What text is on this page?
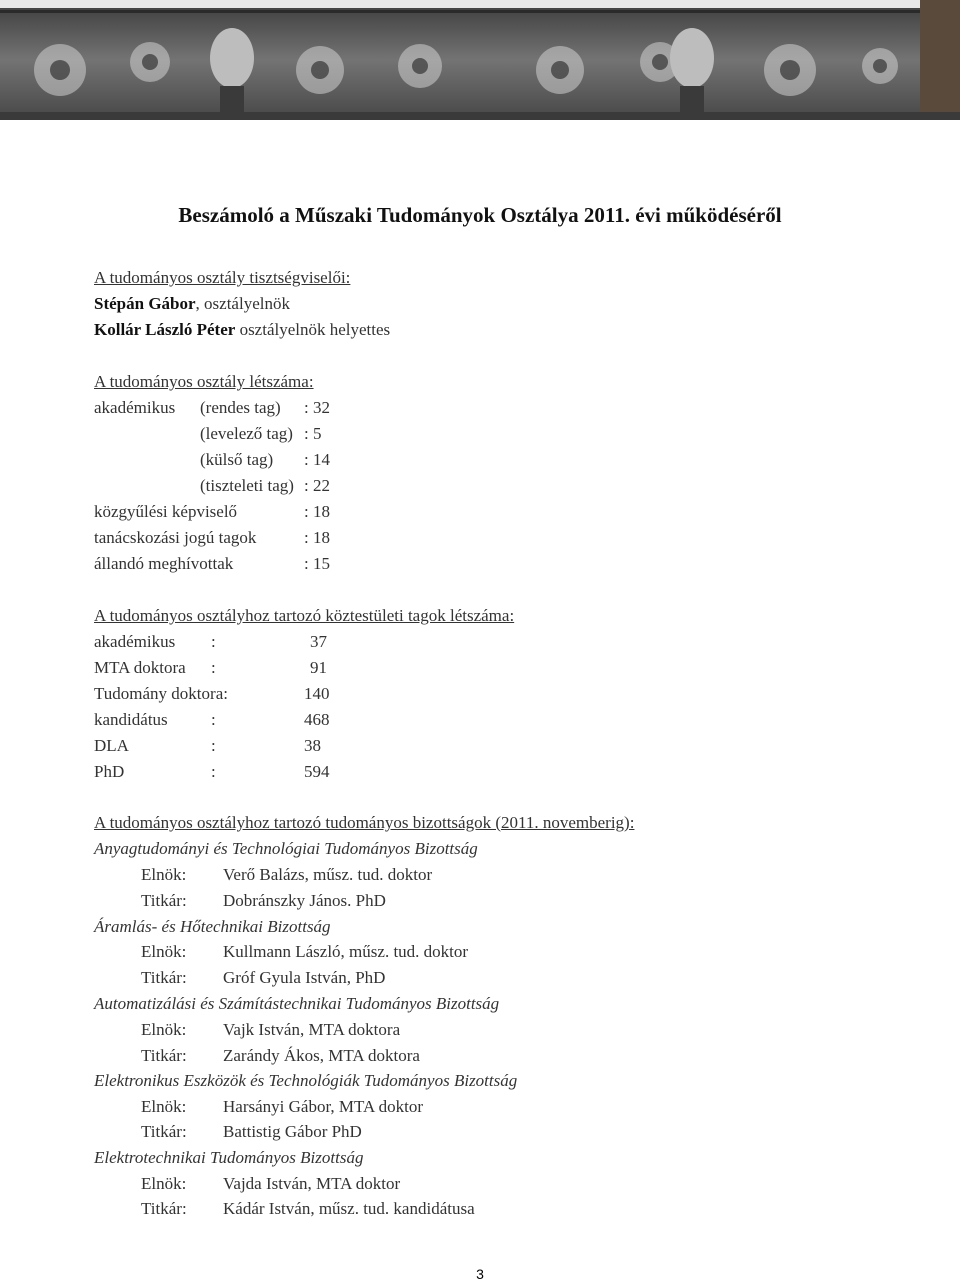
Beszámoló a Műszaki Tudományok Osztálya 2011. évi működéséről
A tudományos osztály tisztségviselői:
Stépán Gábor, osztályelnök
Kollár László Péter osztályelnök helyettes
A tudományos osztály létszáma:
akadémikus (rendes tag) : 32
(levelező tag) : 5
(külső tag) : 14
(tiszteleti tag) : 22
közgyűlési képviselő	: 18
tanácskozási jogú tagok	: 18
állandó meghívottak	: 15
A tudományos osztályhoz tartozó köztestületi tagok létszáma:
akadémikus :	37
MTA doktora :	91
Tudomány doktora:	140
kandidátus	:	468
DLA	:	38
PhD	:	594
A tudományos osztályhoz tartozó tudományos bizottságok (2011. novemberig):
Anyagtudományi és Technológiai Tudományos Bizottság
Elnök: Verő Balázs, műsz. tud. doktor
Titkár: Dobránszky János. PhD
Áramlás- és Hőtechnikai Bizottság
Elnök: Kullmann László, műsz. tud. doktor
Titkár: Gróf Gyula István, PhD
Automatizálási és Számítástechnikai Tudományos Bizottság
Elnök: Vajk István, MTA doktora
Titkár: Zarándy Ákos, MTA doktora
Elektronikus Eszközök és Technológiák Tudományos Bizottság
Elnök: Harsányi Gábor, MTA doktor
Titkár: Battistig Gábor PhD
Elektrotechnikai Tudományos Bizottság
Elnök: Vajda István, MTA doktor
Titkár: Kádár István, műsz. tud. kandidátusa
3
